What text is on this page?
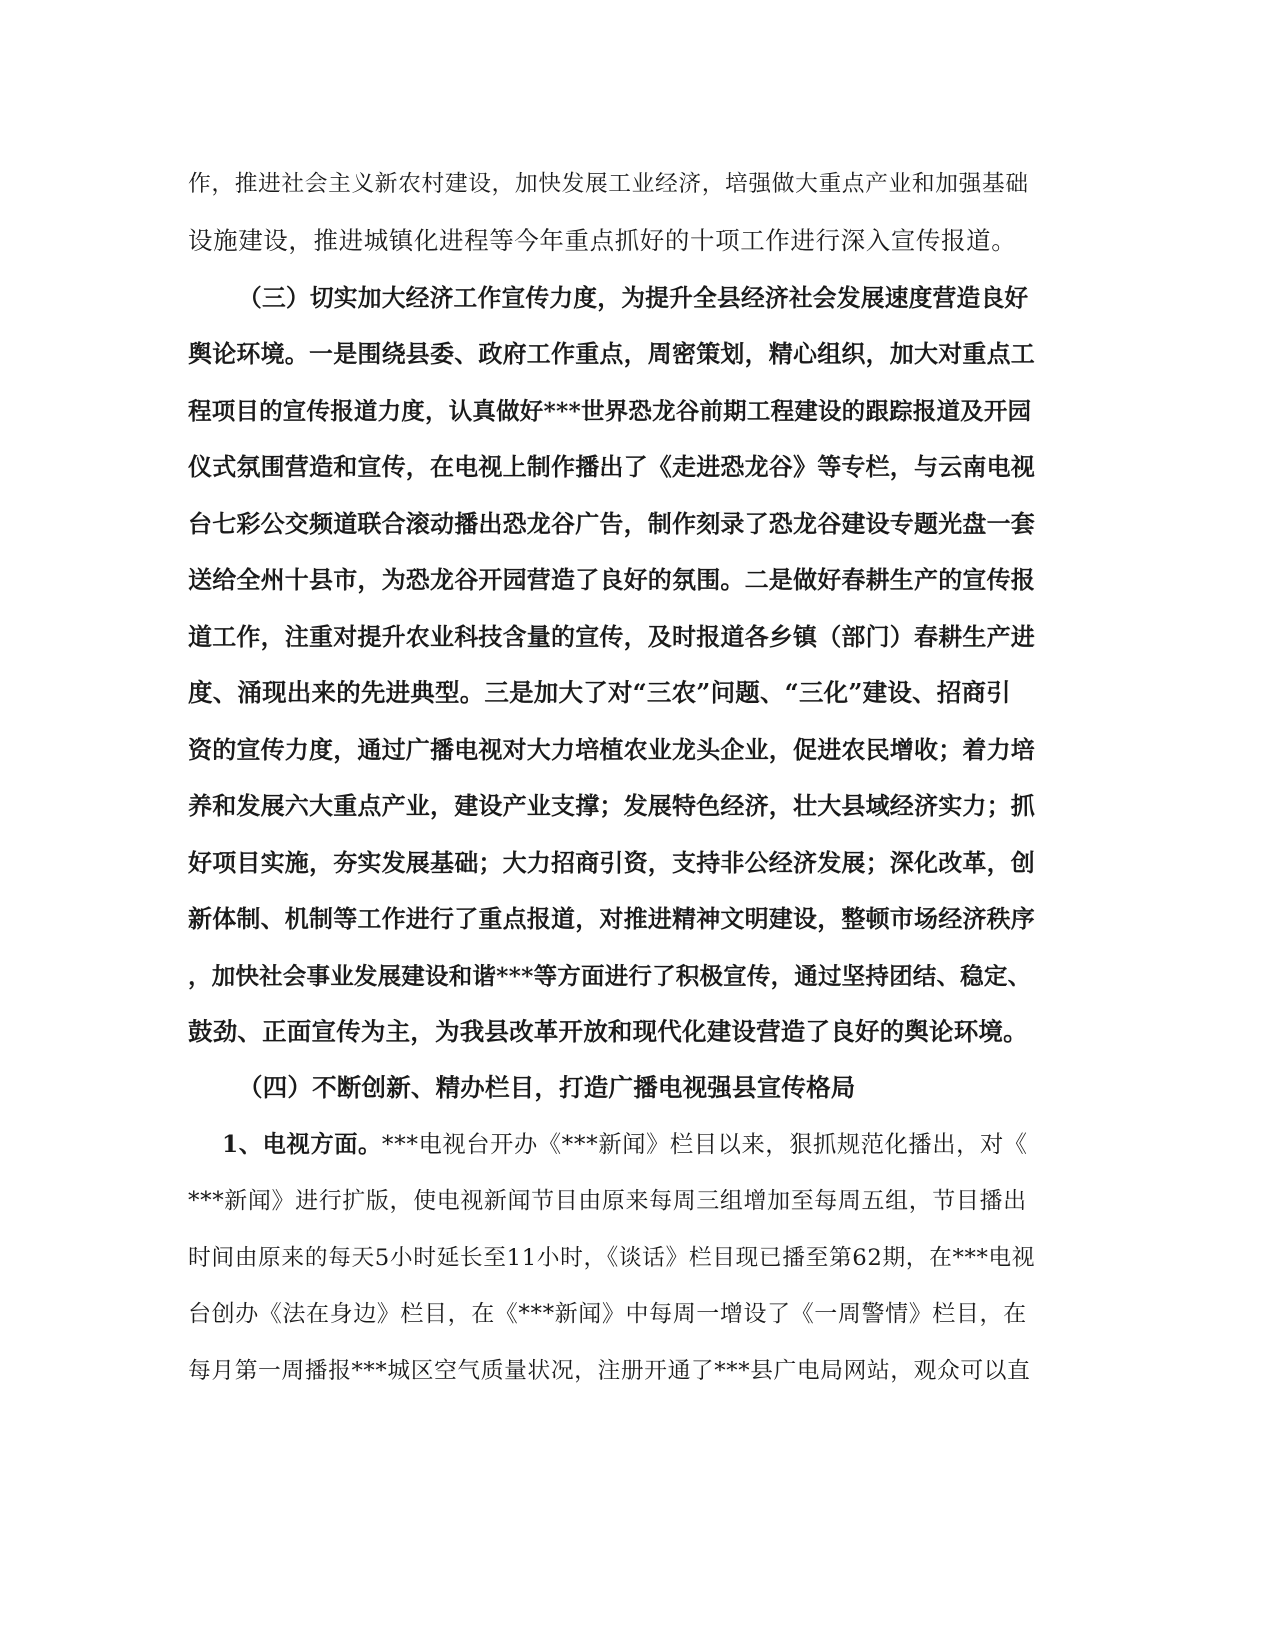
作，推进社会主义新农村建设，加快发展工业经济，培强做大重点产业和加强基础
设施建设，推进城镇化进程等今年重点抓好的十项工作进行深入宣传报道。
（三）切实加大经济工作宣传力度，为提升全县经济社会发展速度营造良好
舆论环境。一是围绕县委、政府工作重点，周密策划，精心组织，加大对重点工
程项目的宣传报道力度，认真做好***世界恐龙谷前期工程建设的跟踪报道及开园
仪式氛围营造和宣传，在电视上制作播出了《走进恐龙谷》等专栏，与云南电视
台七彩公交频道联合滚动播出恐龙谷广告，制作刻录了恐龙谷建设专题光盘一套
送给全州十县市，为恐龙谷开园营造了良好的氛围。二是做好春耕生产的宣传报
道工作，注重对提升农业科技含量的宣传，及时报道各乡镇（部门）春耕生产进
度、涌现出来的先进典型。三是加大了对“三农”问题、“三化”建设、招商引
资的宣传力度，通过广播电视对大力培植农业龙头企业，促进农民增收；着力培
养和发展六大重点产业，建设产业支撑；发展特色经济，壮大县域经济实力；抓
好项目实施，夯实发展基础；大力招商引资，支持非公经济发展；深化改革，创
新体制、机制等工作进行了重点报道，对推进精神文明建设，整顿市场经济秩序
，加快社会事业发展建设和谐***等方面进行了积极宣传，通过坚持团结、稳定、
鼓劲、正面宣传为主，为我县改革开放和现代化建设营造了良好的舆论环境。
（四）不断创新、精办栏目，打造广播电视强县宣传格局
1、电视方面。***电视台开办《***新闻》栏目以来，狠抓规范化播出，对《
***新闻》进行扩版，使电视新闻节目由原来每周三组增加至每周五组，节目播出
时间由原来的每天5小时延长至11小时，《谈话》栏目现已播至第62期，在***电视
台创办《法在身边》栏目，在《***新闻》中每周一增设了《一周警情》栏目，在
每月第一周播报***城区空气质量状况，注册开通了***县广电局网站，观众可以直
